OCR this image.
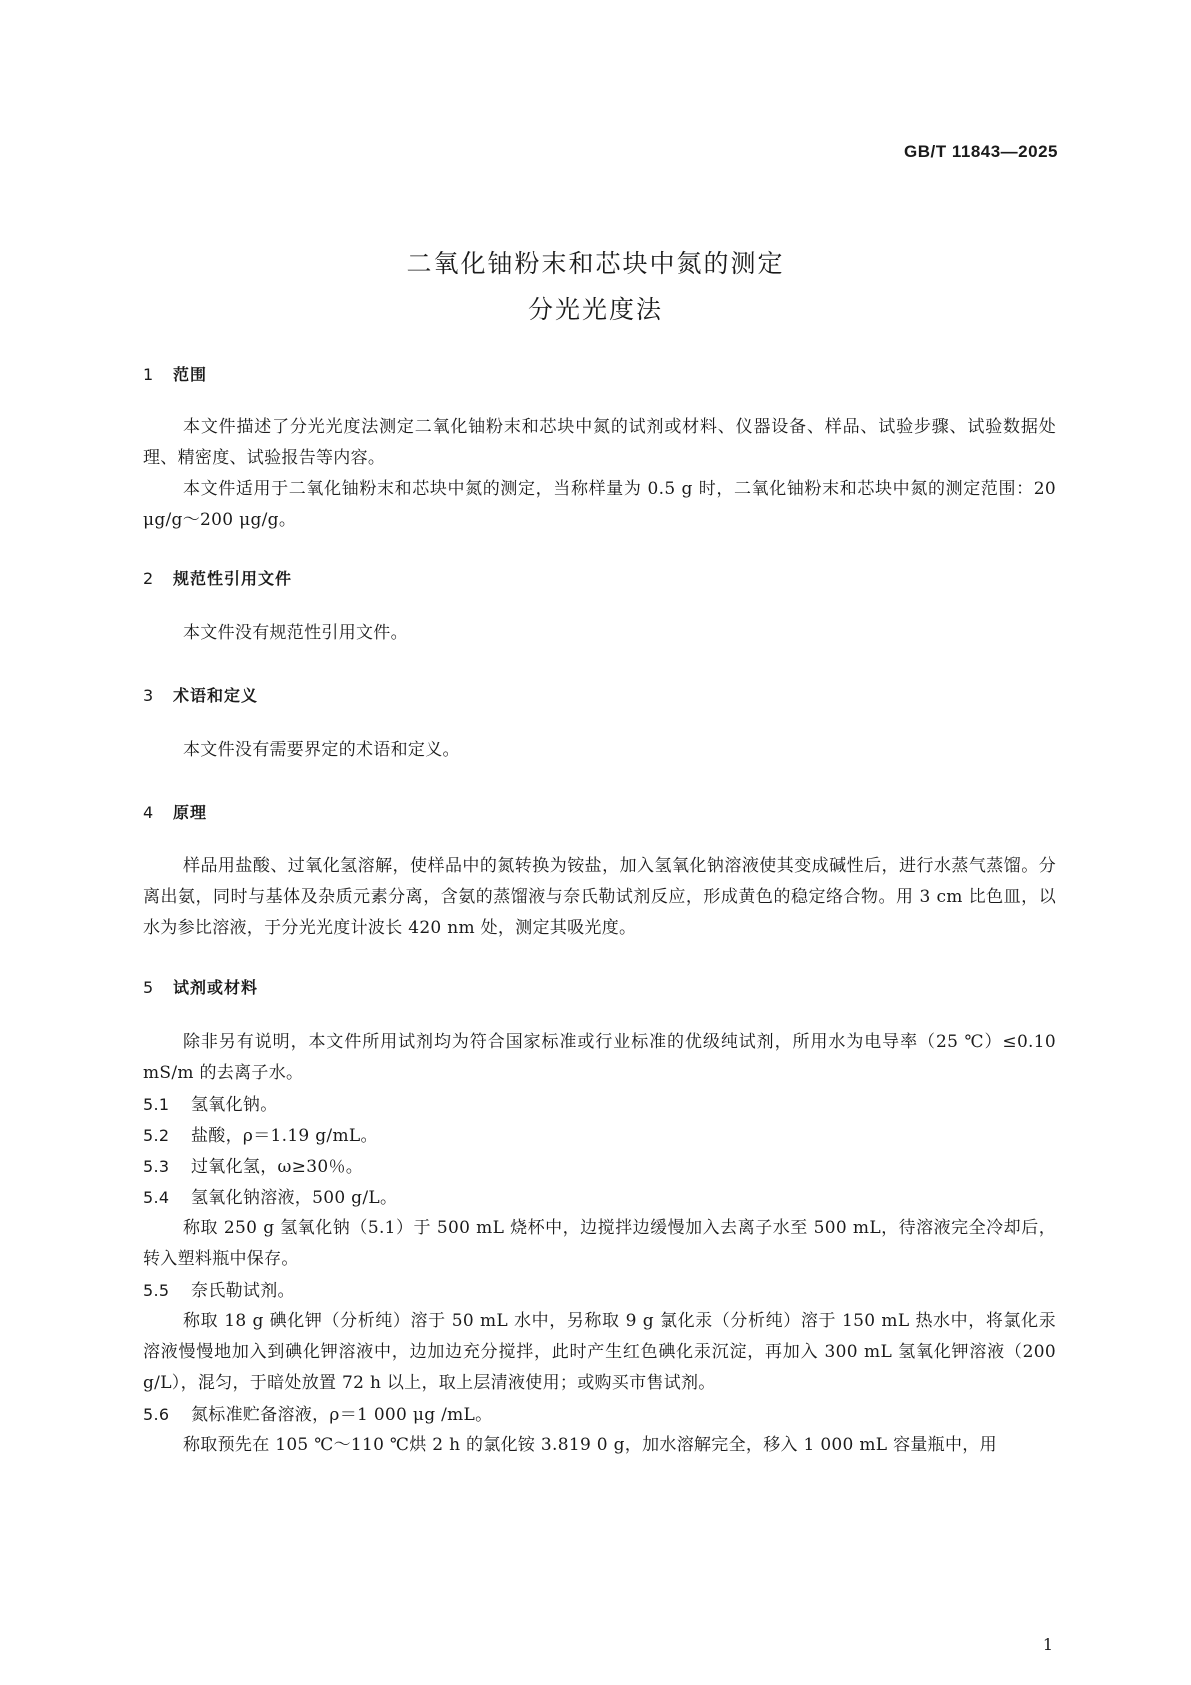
GB/T 11843—2025
二氧化铀粉末和芯块中氮的测定
分光光度法
1 范围
本文件描述了分光光度法测定二氧化铀粉末和芯块中氮的试剂或材料、仪器设备、样品、试验步骤、试验数据处理、精密度、试验报告等内容。
本文件适用于二氧化铀粉末和芯块中氮的测定，当称样量为 0.5 g 时，二氧化铀粉末和芯块中氮的测定范围：20 μg/g～200 μg/g。
2 规范性引用文件
本文件没有规范性引用文件。
3 术语和定义
本文件没有需要界定的术语和定义。
4 原理
样品用盐酸、过氧化氢溶解，使样品中的氮转换为铵盐，加入氢氧化钠溶液使其变成碱性后，进行水蒸气蒸馏。分离出氨，同时与基体及杂质元素分离，含氨的蒸馏液与奈氏勒试剂反应，形成黄色的稳定络合物。用 3 cm 比色皿，以水为参比溶液，于分光光度计波长 420 nm 处，测定其吸光度。
5 试剂或材料
除非另有说明，本文件所用试剂均为符合国家标准或行业标准的优级纯试剂，所用水为电导率（25 ℃）≤0.10 mS/m 的去离子水。
5.1 氢氧化钠。
5.2 盐酸，ρ＝1.19 g/mL。
5.3 过氧化氢，ω≥30％。
5.4 氢氧化钠溶液，500 g/L。
称取 250 g 氢氧化钠（5.1）于 500 mL 烧杯中，边搅拌边缓慢加入去离子水至 500 mL，待溶液完全冷却后，转入塑料瓶中保存。
5.5 奈氏勒试剂。
称取 18 g 碘化钾（分析纯）溶于 50 mL 水中，另称取 9 g 氯化汞（分析纯）溶于 150 mL 热水中，将氯化汞溶液慢慢地加入到碘化钾溶液中，边加边充分搅拌，此时产生红色碘化汞沉淀，再加入 300 mL 氢氧化钾溶液（200 g/L），混匀，于暗处放置 72 h 以上，取上层清液使用；或购买市售试剂。
5.6 氮标准贮备溶液，ρ＝1 000 μg /mL。
称取预先在 105 ℃～110 ℃烘 2 h 的氯化铵 3.819 0 g，加水溶解完全，移入 1 000 mL 容量瓶中，用
1
